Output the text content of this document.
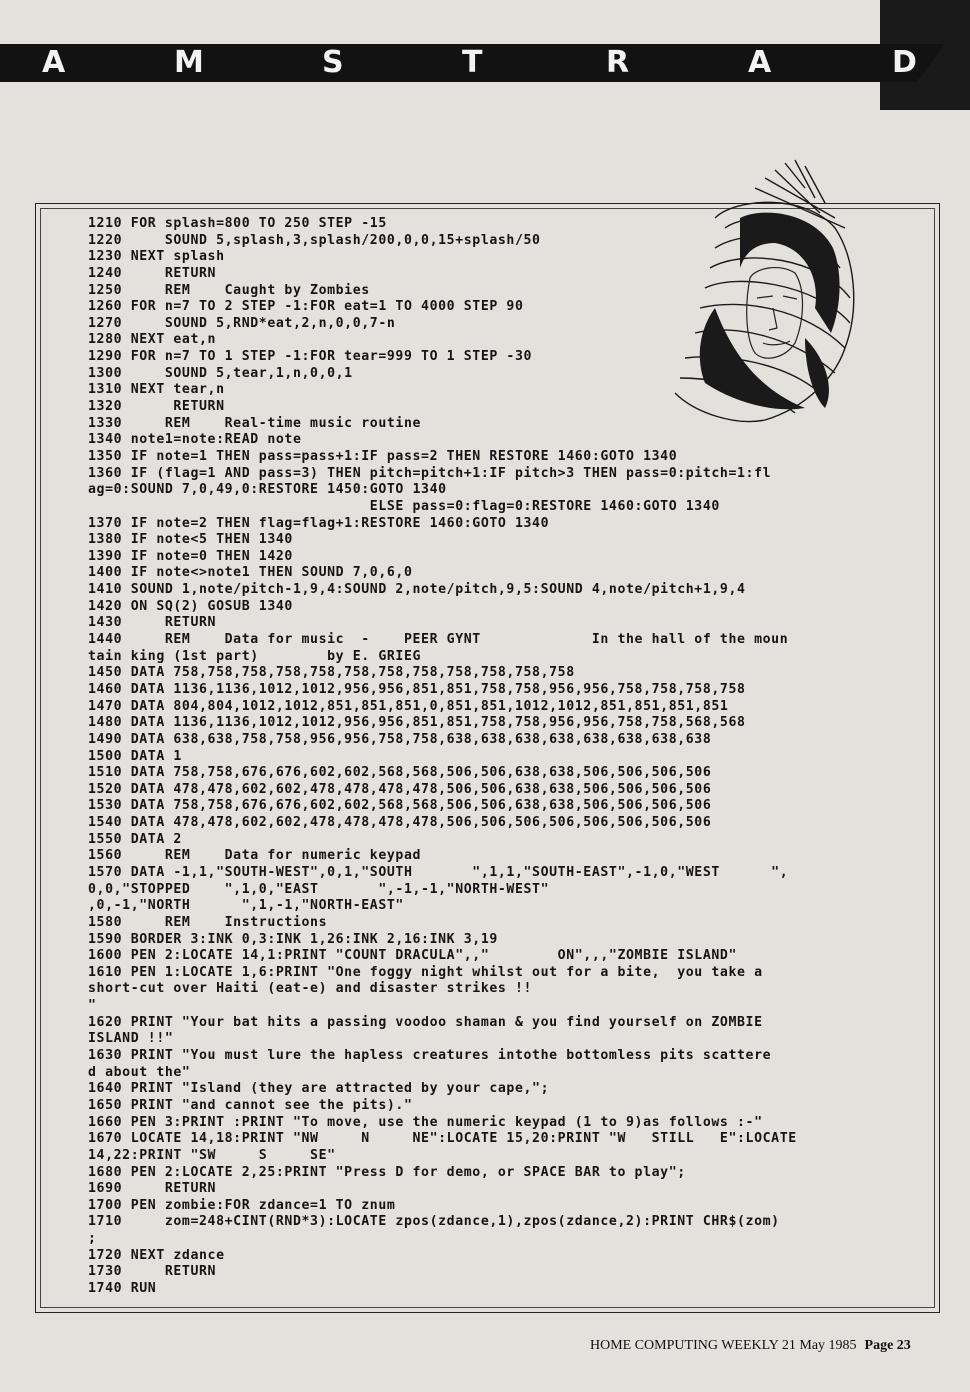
A	M	S	T	R	A	D
1210 FOR splash=800 TO 250 STEP -15
1220     SOUND 5,splash,3,splash/200,0,0,15+splash/50
1230 NEXT splash
1240     RETURN
1250     REM    Caught by Zombies
1260 FOR n=7 TO 2 STEP -1:FOR eat=1 TO 4000 STEP 90
1270     SOUND 5,RND*eat,2,n,0,0,7-n
1280 NEXT eat,n
1290 FOR n=7 TO 1 STEP -1:FOR tear=999 TO 1 STEP -30
1300     SOUND 5,tear,1,n,0,0,1
1310 NEXT tear,n
1320      RETURN
1330     REM    Real-time music routine
1340 note1=note:READ note
1350 IF note=1 THEN pass=pass+1:IF pass=2 THEN RESTORE 1460:GOTO 1340
1360 IF (flag=1 AND pass=3) THEN pitch=pitch+1:IF pitch>3 THEN pass=0:pitch=1:fl
ag=0:SOUND 7,0,49,0:RESTORE 1450:GOTO 1340
ELSE pass=0:flag=0:RESTORE 1460:GOTO 1340
1370 IF note=2 THEN flag=flag+1:RESTORE 1460:GOTO 1340
1380 IF note<5 THEN 1340
1390 IF note=0 THEN 1420
1400 IF note<>note1 THEN SOUND 7,0,6,0
1410 SOUND 1,note/pitch-1,9,4:SOUND 2,note/pitch,9,5:SOUND 4,note/pitch+1,9,4
1420 ON SQ(2) GOSUB 1340
1430     RETURN
1440     REM    Data for music  -    PEER GYNT             In the hall of the moun
tain king (1st part)        by E. GRIEG
1450 DATA 758,758,758,758,758,758,758,758,758,758,758,758
1460 DATA 1136,1136,1012,1012,956,956,851,851,758,758,956,956,758,758,758,758
1470 DATA 804,804,1012,1012,851,851,851,0,851,851,1012,1012,851,851,851,851
1480 DATA 1136,1136,1012,1012,956,956,851,851,758,758,956,956,758,758,568,568
1490 DATA 638,638,758,758,956,956,758,758,638,638,638,638,638,638,638,638
1500 DATA 1
1510 DATA 758,758,676,676,602,602,568,568,506,506,638,638,506,506,506,506
1520 DATA 478,478,602,602,478,478,478,478,506,506,638,638,506,506,506,506
1530 DATA 758,758,676,676,602,602,568,568,506,506,638,638,506,506,506,506
1540 DATA 478,478,602,602,478,478,478,478,506,506,506,506,506,506,506,506
1550 DATA 2
1560     REM    Data for numeric keypad
1570 DATA -1,1,"SOUTH-WEST",0,1,"SOUTH       ",1,1,"SOUTH-EAST",-1,0,"WEST      ",
0,0,"STOPPED    ",1,0,"EAST       ",-1,-1,"NORTH-WEST"
,0,-1,"NORTH      ",1,-1,"NORTH-EAST"
1580     REM    Instructions
1590 BORDER 3:INK 0,3:INK 1,26:INK 2,16:INK 3,19
1600 PEN 2:LOCATE 14,1:PRINT "COUNT DRACULA",,"        ON",,,"ZOMBIE ISLAND"
1610 PEN 1:LOCATE 1,6:PRINT "One foggy night whilst out for a bite,  you take a
short-cut over Haiti (eat-e) and disaster strikes !!
"
1620 PRINT "Your bat hits a passing voodoo shaman & you find yourself on ZOMBIE
ISLAND !!"
1630 PRINT "You must lure the hapless creatures intothe bottomless pits scattere
d about the"
1640 PRINT "Island (they are attracted by your cape,";
1650 PRINT "and cannot see the pits)."
1660 PEN 3:PRINT :PRINT "To move, use the numeric keypad (1 to 9)as follows :-"
1670 LOCATE 14,18:PRINT "NW     N     NE":LOCATE 15,20:PRINT "W   STILL   E":LOCATE
14,22:PRINT "SW     S     SE"
1680 PEN 2:LOCATE 2,25:PRINT "Press D for demo, or SPACE BAR to play";
1690     RETURN
1700 PEN zombie:FOR zdance=1 TO znum
1710     zom=248+CINT(RND*3):LOCATE zpos(zdance,1),zpos(zdance,2):PRINT CHR$(zom)
;
1720 NEXT zdance
1730     RETURN
1740 RUN
HOME COMPUTING WEEKLY 21 May 1985 Page 23
